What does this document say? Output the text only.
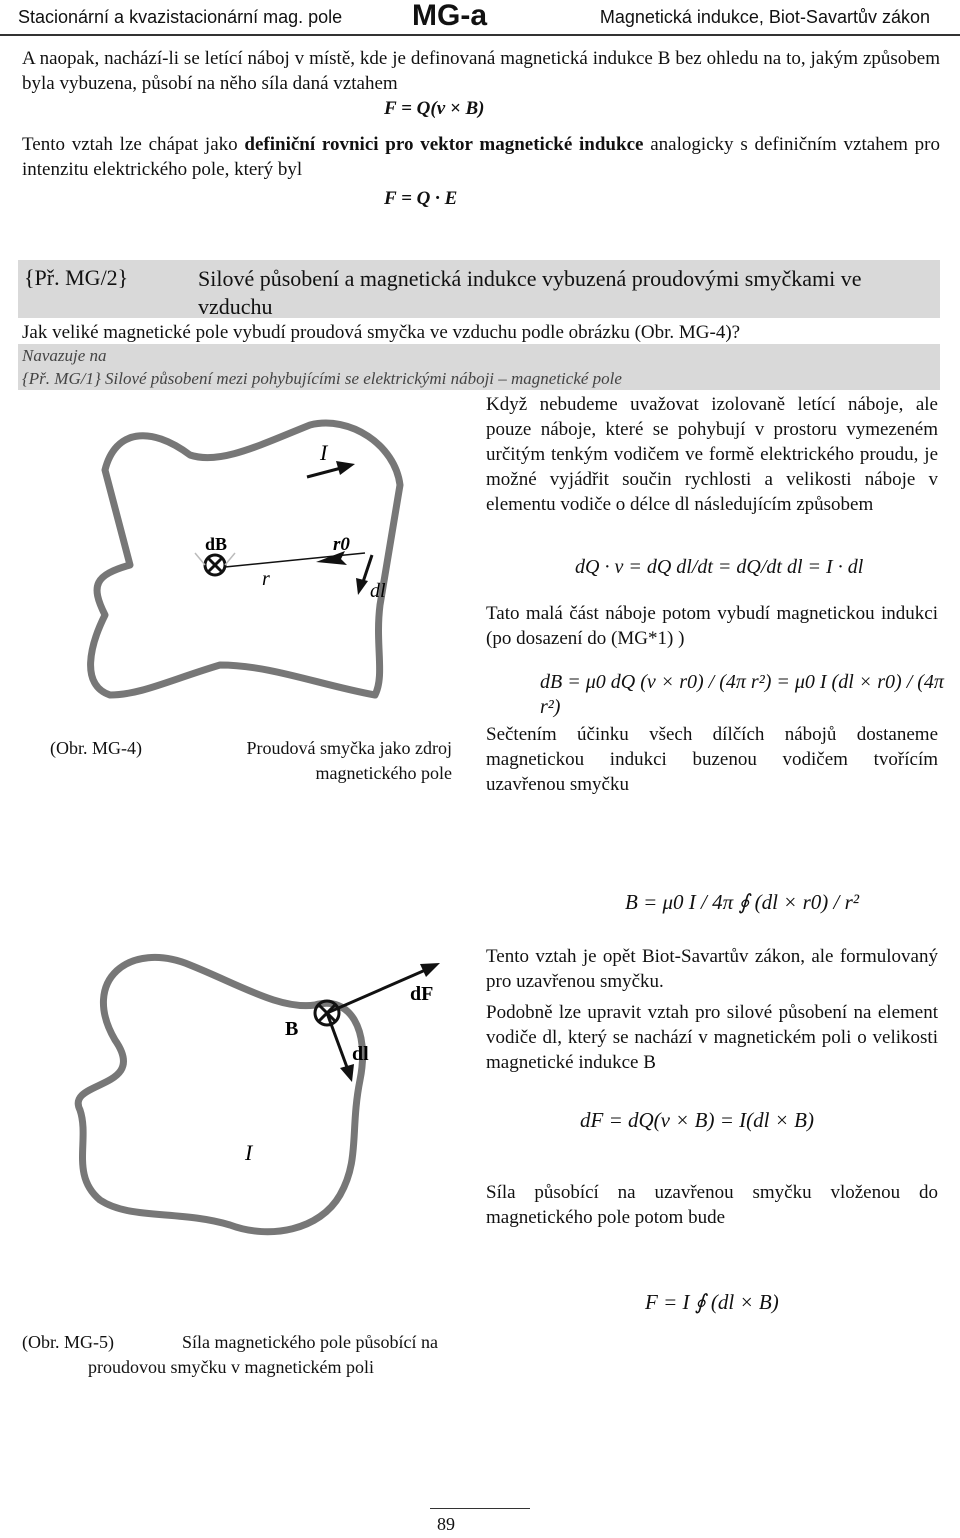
Stacionární a kvazistacionární mag. pole MG-a	Magnetická indukce, Biot-Savartův zákon
A naopak, nachází-li se letící náboj v místě, kde je definovaná magnetická indukce B bez ohledu na to, jakým způsobem byla vybuzena, působí na něho síla daná vztahem
F = Q(v × B)
Tento vztah lze chápat jako definiční rovnici pro vektor magnetické indukce analogicky s definičním vztahem pro intenzitu elektrického pole, který byl
F = Q · E
{Př. MG/2}	Silové působení a magnetická indukce vybuzená proudovými smyčkami ve vzduchu
Jak veliké magnetické pole vybudí proudová smyčka ve vzduchu podle obrázku (Obr. MG-4)?
Navazuje na
{Př. MG/1} Silové působení mezi pohybujícími se elektrickými náboji – magnetické pole
I
dB	r0
r
dl
(Obr. MG-4)	Proudová smyčka jako zdroj magnetického pole
Když nebudeme uvažovat izolovaně letící náboje, ale pouze náboje, které se pohybují v prostoru vymezeném určitým tenkým vodičem ve formě elektrického proudu, je možné vyjádřit součin rychlosti a velikosti náboje v elementu vodiče o délce dl následujícím způsobem
dQ · v = dQ dl/dt = dQ/dt dl = I · dl
Tato malá část náboje potom vybudí magnetickou indukci (po dosazení do (MG*1) )
dB = μ0 dQ (v × r0) / (4π r²) = μ0 I (dl × r0) / (4π r²)
Sečtením účinku všech dílčích nábojů dostaneme magnetickou indukci buzenou vodičem tvořícím uzavřenou smyčku
B = μ0 I / 4π ∮ (dl × r0) / r²
Tento vztah je opět Biot-Savartův zákon, ale formulovaný pro uzavřenou smyčku.
Podobně lze upravit vztah pro silové působení na element vodiče dl, který se nachází v magnetickém poli o velikosti magnetické indukce B
dF = dQ(v × B) = I(dl × B)
Síla působící na uzavřenou smyčku vloženou do magnetického pole potom bude
F = I ∮ (dl × B)
B
dF
dl
I
(Obr. MG-5)	Síla magnetického pole působící na proudovou smyčku v magnetickém poli
89
